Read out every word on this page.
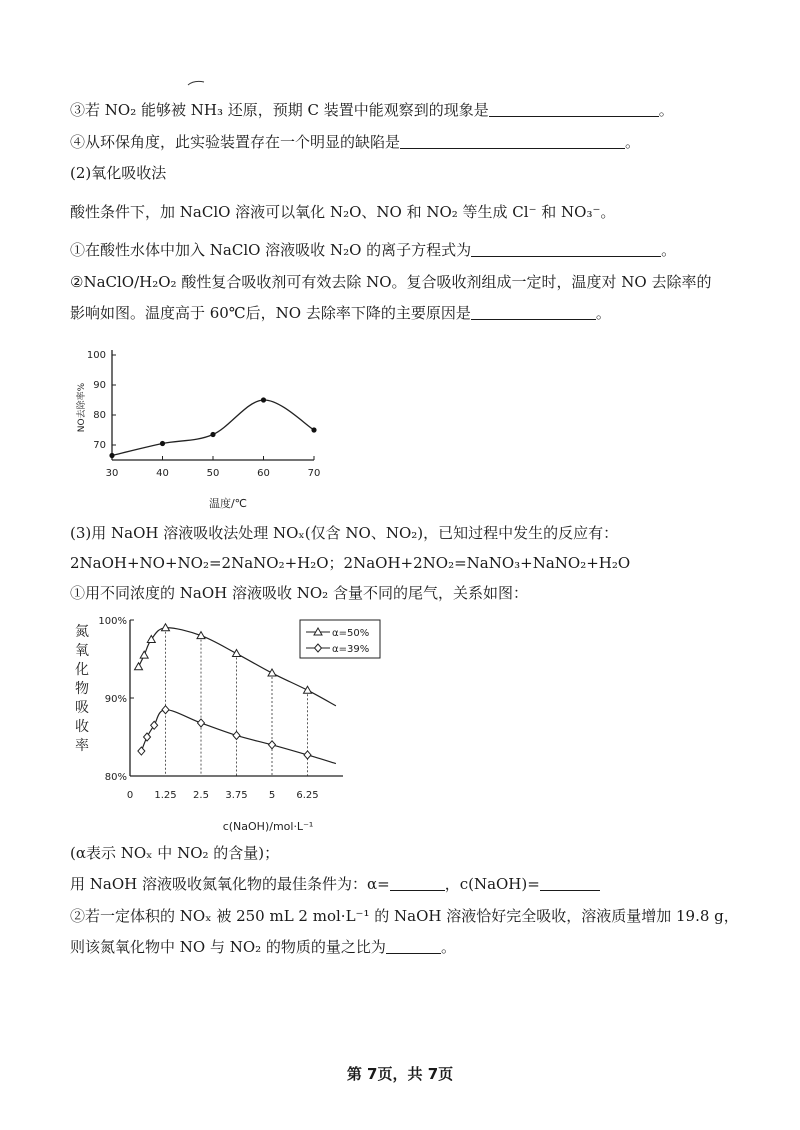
③若 NO₂ 能够被 NH₃ 还原，预期 C 装置中能观察到的现象是	。
④从环保角度，此实验装置存在一个明显的缺陷是	。
(2)氧化吸收法
酸性条件下，加 NaClO 溶液可以氧化 N₂O、NO 和 NO₂ 等生成 Cl⁻ 和 NO₃⁻。
①在酸性水体中加入 NaClO 溶液吸收 N₂O 的离子方程式为	。
②NaClO/H₂O₂ 酸性复合吸收剂可有效去除 NO。复合吸收剂组成一定时，温度对 NO 去除率的
影响如图。温度高于 60℃后，NO 去除率下降的主要原因是	。
30	40	50	60	70
70
80
90
100
NO去除率%
温度/℃
(3)用 NaOH 溶液吸收法处理 NOₓ(仅含 NO、NO₂)，已知过程中发生的反应有：
2NaOH+NO+NO₂=2NaNO₂+H₂O；2NaOH+2NO₂=NaNO₃+NaNO₂+H₂O
①用不同浓度的 NaOH 溶液吸收 NO₂ 含量不同的尾气，关系如图：
0 1.25 2.5 3.75 5 6.25
80%
90%
100%
α=50%
α=39%
c(NaOH)/mol·L⁻¹
氮
氧
化
物
吸
收
率
(α表示 NOₓ 中 NO₂ 的含量)；
用 NaOH 溶液吸收氮氧化物的最佳条件为：α=	，c(NaOH)=
②若一定体积的 NOₓ 被 250 mL 2 mol·L⁻¹ 的 NaOH 溶液恰好完全吸收，溶液质量增加 19.8 g，
则该氮氧化物中 NO 与 NO₂ 的物质的量之比为	。
第 7页，共 7页
